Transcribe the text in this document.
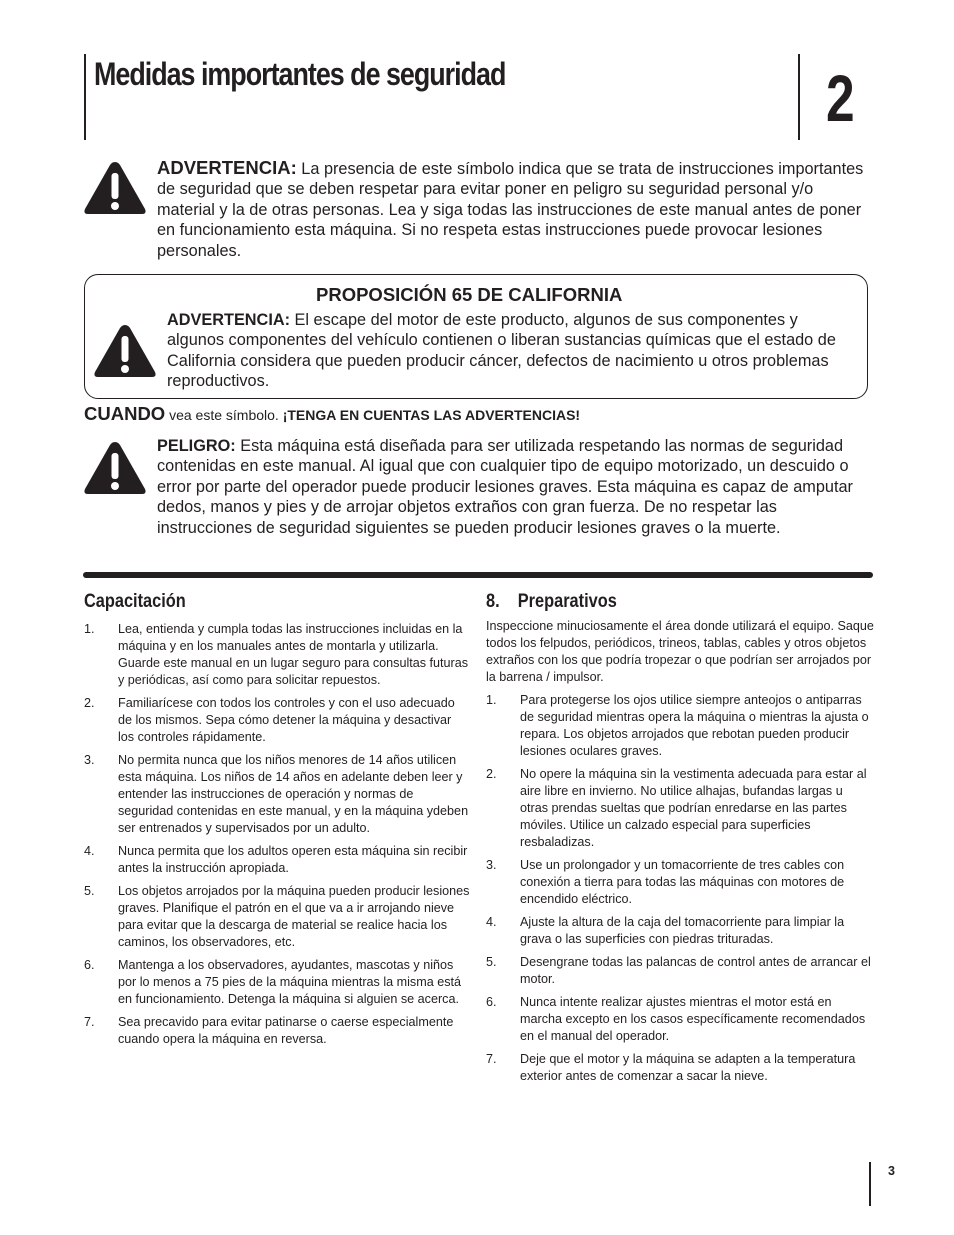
Medidas importantes de seguridad	2

ADVERTENCIA: La presencia de este símbolo indica que se trata de instrucciones importantes de seguridad que se deben respetar para evitar poner en peligro su seguridad personal y/o material y la de otras personas. Lea y siga todas las instrucciones de este manual antes de poner en funcionamiento esta máquina. Si no respeta estas instrucciones puede provocar lesiones personales.

PROPOSICIÓN 65 DE CALIFORNIA

ADVERTENCIA: El escape del motor de este producto, algunos de sus componentes y algunos componentes del vehículo contienen o liberan sustancias químicas que el estado de California considera que pueden producir cáncer, defectos de nacimiento u otros problemas reproductivos.

CUANDO vea este símbolo. ¡TENGA EN CUENTAS LAS ADVERTENCIAS!

PELIGRO: Esta máquina está diseñada para ser utilizada respetando las normas de seguridad contenidas en este manual. Al igual que con cualquier tipo de equipo motorizado, un descuido o error por parte del operador puede producir lesiones graves. Esta máquina es capaz de amputar dedos, manos y pies y de arrojar objetos extraños con gran fuerza. De no respetar las instrucciones de seguridad siguientes se pueden producir lesiones graves o la muerte.

Capacitación
1. Lea, entienda y cumpla todas las instrucciones incluidas en la máquina y en los manuales antes de montarla y utilizarla. Guarde este manual en un lugar seguro para consultas futuras y periódicas, así como para solicitar repuestos.
2. Familiarícese con todos los controles y con el uso adecuado de los mismos. Sepa cómo detener la máquina y desactivar los controles rápidamente.
3. No permita nunca que los niños menores de 14 años utilicen esta máquina. Los niños de 14 años en adelante deben leer y entender las instrucciones de operación y normas de seguridad contenidas en este manual, y en la máquina ydeben ser entrenados y supervisados por un adulto.
4. Nunca permita que los adultos operen esta máquina sin recibir antes la instrucción apropiada.
5. Los objetos arrojados por la máquina pueden producir lesiones graves. Planifique el patrón en el que va a ir arrojando nieve para evitar que la descarga de material se realice hacia los caminos, los observadores, etc.
6. Mantenga a los observadores, ayudantes, mascotas y niños por lo menos a 75 pies de la máquina mientras la misma está en funcionamiento. Detenga la máquina si alguien se acerca.
7. Sea precavido para evitar patinarse o caerse especialmente cuando opera la máquina en reversa.
8.    Preparativos

Inspeccione minuciosamente el área donde utilizará el equipo. Saque todos los felpudos, periódicos, trineos, tablas, cables y otros objetos extraños con los que podría tropezar o que podrían ser arrojados por la barrena / impulsor.

1. Para protegerse los ojos utilice siempre anteojos o antiparras de seguridad mientras opera la máquina o mientras la ajusta o repara. Los objetos arrojados que rebotan pueden producir lesiones oculares graves.
2. No opere la máquina sin la vestimenta adecuada para estar al aire libre en invierno. No utilice alhajas, bufandas largas u otras prendas sueltas que podrían enredarse en las partes móviles. Utilice un calzado especial para superficies resbaladizas.
3. Use un prolongador y un tomacorriente de tres cables con conexión a tierra para todas las máquinas con motores de encendido eléctrico.
4. Ajuste la altura de la caja del tomacorriente para limpiar la grava o las superficies con piedras trituradas.
5. Desengrane todas las palancas de control antes de arrancar el motor.
6. Nunca intente realizar ajustes mientras el motor está en marcha excepto en los casos específicamente recomendados en el manual del operador.
7. Deje que el motor y la máquina se adapten a la temperatura exterior antes de comenzar a sacar la nieve.
3
